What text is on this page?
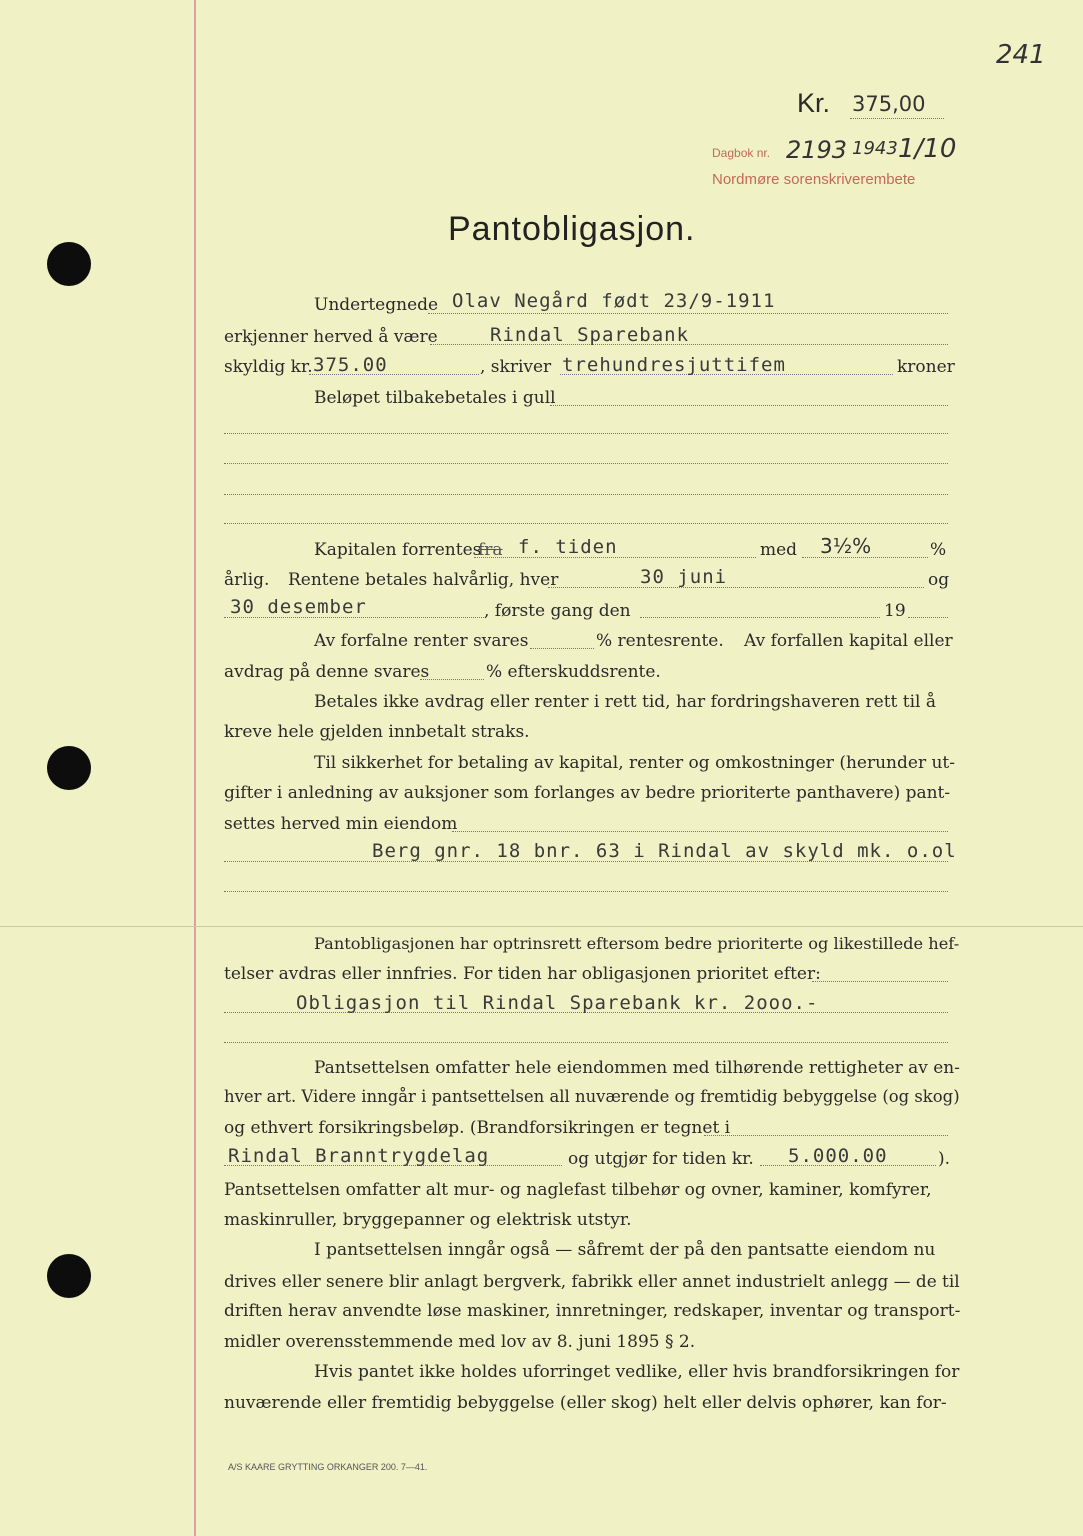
241
Kr. 375,00
Dagbok nr. 2193 1943 1/10
Nordmøre sorenskriverembete
Pantobligasjon.
Undertegnede Olav Negård født 23/9-1911
erkjenner herved å være	Rindal Sparebank
skyldig kr. 375.00	, skriver trehundresjuttifem	kroner
Beløpet tilbakebetales i gull
Kapitalen forrentes
fra f. tiden	med 3½%	%
årlig. Rentene betales halvårlig, hver	30 juni	og
30 desember	, første gang den	19
Av forfalne renter svares	% rentesrente. Av forfallen kapital eller
avdrag på denne svares	% efterskuddsrente.
Betales ikke avdrag eller renter i rett tid, har fordringshaveren rett til å
kreve hele gjelden innbetalt straks.
Til sikkerhet for betaling av kapital, renter og omkostninger (herunder ut-
gifter i anledning av auksjoner som forlanges av bedre prioriterte panthavere) pant-
settes herved min eiendom
Berg gnr. 18 bnr. 63 i Rindal av skyld mk. o.ol
Pantobligasjonen har optrinsrett eftersom bedre prioriterte og likestillede hef-
telser avdras eller innfries. For tiden har obligasjonen prioritet efter:
Obligasjon til Rindal Sparebank kr. 2ooo.-
Pantsettelsen omfatter hele eiendommen med tilhørende rettigheter av en-
hver art. Videre inngår i pantsettelsen all nuværende og fremtidig bebyggelse (og skog)
og ethvert forsikringsbeløp. (Brandforsikringen er tegnet i
Rindal Branntrygdelag	og utgjør for tiden kr. 5.000.00	).
Pantsettelsen omfatter alt mur- og naglefast tilbehør og ovner, kaminer, komfyrer,
maskinruller, bryggepanner og elektrisk utstyr.
I pantsettelsen inngår også — såfremt der på den pantsatte eiendom nu
drives eller senere blir anlagt bergverk, fabrikk eller annet industrielt anlegg — de til
driften herav anvendte løse maskiner, innretninger, redskaper, inventar og transport-
midler overensstemmende med lov av 8. juni 1895 § 2.
Hvis pantet ikke holdes uforringet vedlike, eller hvis brandforsikringen for
nuværende eller fremtidig bebyggelse (eller skog) helt eller delvis ophører, kan for-
A/S KAARE GRYTTING ORKANGER 200. 7—41.
